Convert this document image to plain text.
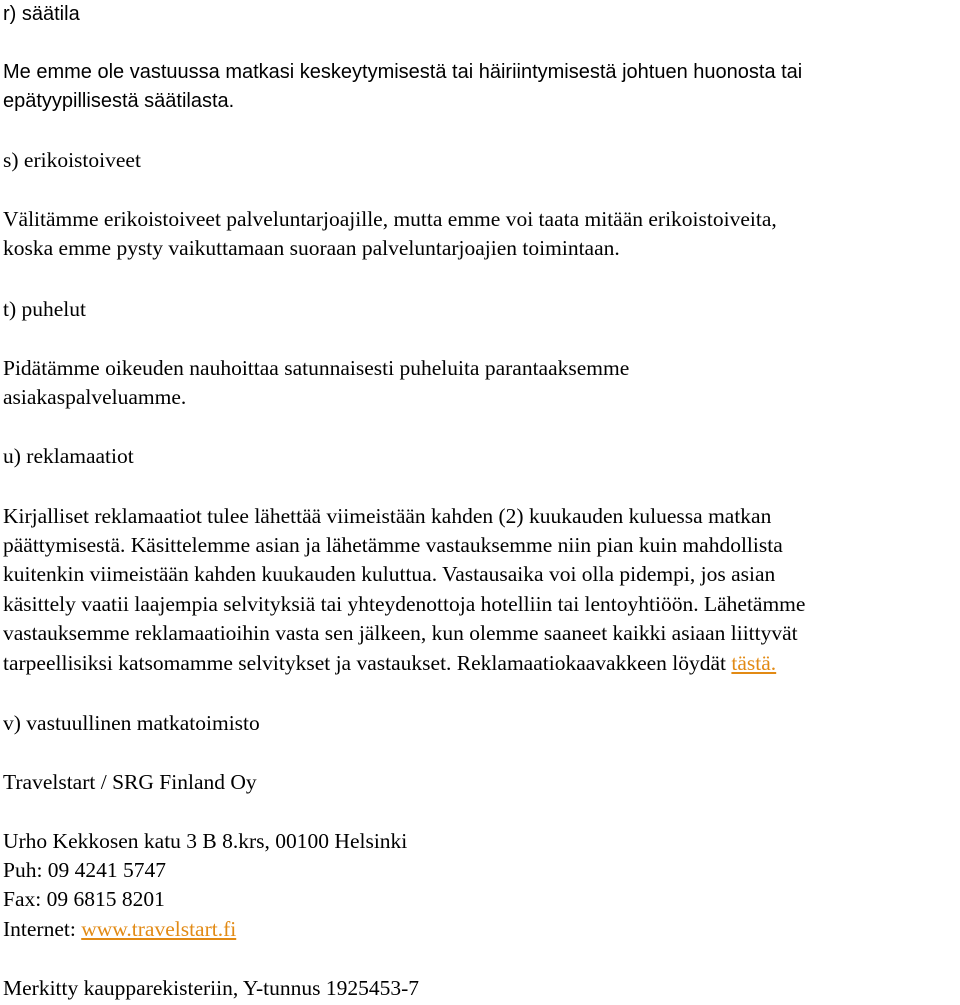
r) säätila
Me emme ole vastuussa matkasi keskeytymisestä tai häiriintymisestä johtuen huonosta tai
epätyypillisestä säätilasta.
s) erikoistoiveet
Välitämme erikoistoiveet palveluntarjoajille, mutta emme voi taata mitään erikoistoiveita,
koska emme pysty vaikuttamaan suoraan palveluntarjoajien toimintaan.
t) puhelut
Pidätämme oikeuden nauhoittaa satunnaisesti puheluita parantaaksemme
asiakaspalveluamme.
u) reklamaatiot
Kirjalliset reklamaatiot tulee lähettää viimeistään kahden (2) kuukauden kuluessa matkan
päättymisestä. Käsittelemme asian ja lähetämme vastauksemme niin pian kuin mahdollista
kuitenkin viimeistään kahden kuukauden kuluttua. Vastausaika voi olla pidempi, jos asian
käsittely vaatii laajempia selvityksiä tai yhteydenottoja hotelliin tai lentoyhtiöön. Lähetämme
vastauksemme reklamaatioihin vasta sen jälkeen, kun olemme saaneet kaikki asiaan liittyvät
tarpeellisiksi katsomamme selvitykset ja vastaukset. Reklamaatiokaavakkeen löydät tästä.
v) vastuullinen matkatoimisto
Travelstart / SRG Finland Oy
Urho Kekkosen katu 3 B 8.krs, 00100 Helsinki
Puh: 09 4241 5747
Fax: 09 6815 8201
Internet: www.travelstart.fi
Merkitty kaupparekisteriin, Y-tunnus 1925453-7
